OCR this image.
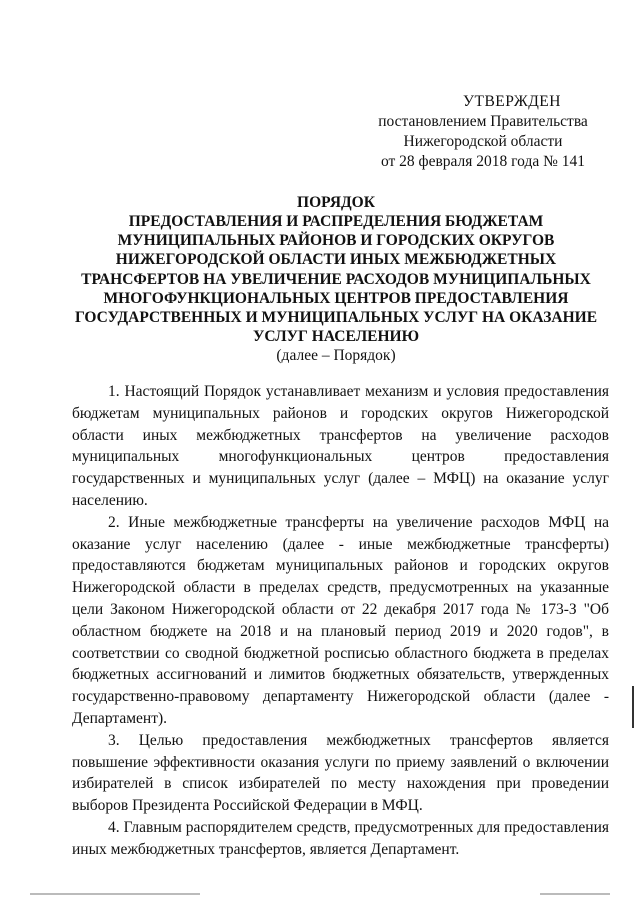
УТВЕРЖДЕН
постановлением Правительства
Нижегородской области
от 28 февраля 2018 года № 141
ПОРЯДОК
ПРЕДОСТАВЛЕНИЯ И РАСПРЕДЕЛЕНИЯ БЮДЖЕТАМ
МУНИЦИПАЛЬНЫХ РАЙОНОВ И ГОРОДСКИХ ОКРУГОВ
НИЖЕГОРОДСКОЙ ОБЛАСТИ ИНЫХ МЕЖБЮДЖЕТНЫХ
ТРАНСФЕРТОВ НА УВЕЛИЧЕНИЕ РАСХОДОВ МУНИЦИПАЛЬНЫХ
МНОГОФУНКЦИОНАЛЬНЫХ ЦЕНТРОВ ПРЕДОСТАВЛЕНИЯ
ГОСУДАРСТВЕННЫХ И МУНИЦИПАЛЬНЫХ УСЛУГ НА ОКАЗАНИЕ
УСЛУГ НАСЕЛЕНИЮ
(далее – Порядок)

1. Настоящий Порядок устанавливает механизм и условия предоставления бюджетам муниципальных районов и городских округов Нижегородской области иных межбюджетных трансфертов на увеличение расходов муниципальных многофункциональных центров предоставления государственных и муниципальных услуг (далее – МФЦ) на оказание услуг населению.

2. Иные межбюджетные трансферты на увеличение расходов МФЦ на оказание услуг населению (далее - иные межбюджетные трансферты) предоставляются бюджетам муниципальных районов и городских округов Нижегородской области в пределах средств, предусмотренных на указанные цели Законом Нижегородской области от 22 декабря 2017 года № 173-З "Об областном бюджете на 2018 и на плановый период 2019 и 2020 годов", в соответствии со сводной бюджетной росписью областного бюджета в пределах бюджетных ассигнований и лимитов бюджетных обязательств, утвержденных государственно-правовому департаменту Нижегородской области (далее - Департамент).

3. Целью предоставления межбюджетных трансфертов является повышение эффективности оказания услуги по приему заявлений о включении избирателей в список избирателей по месту нахождения при проведении выборов Президента Российской Федерации в МФЦ.

4. Главным распорядителем средств, предусмотренных для предоставления иных межбюджетных трансфертов, является Департамент.
